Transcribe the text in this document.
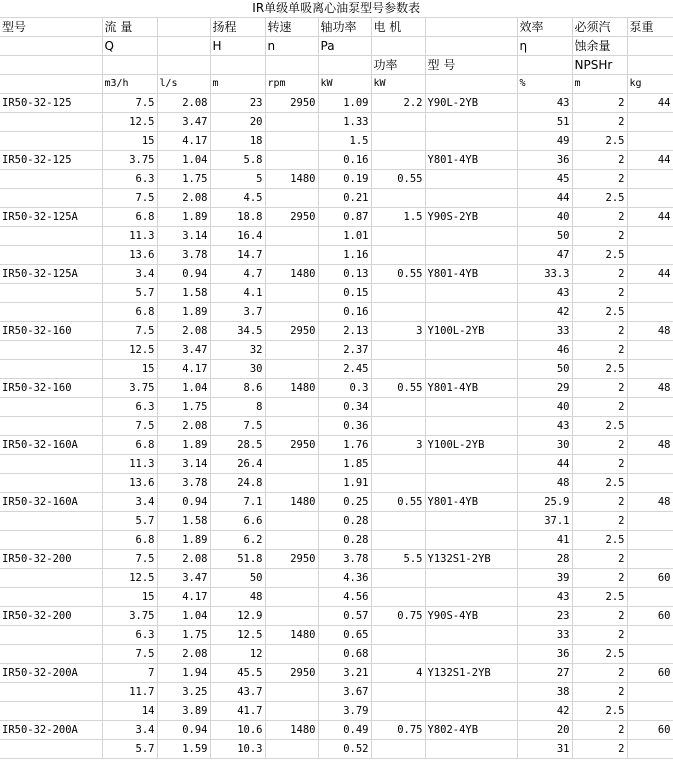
IR单级单吸离心油泵型号参数表										
型号	流 量		扬程	转速	轴功率	电 机		效率	必须汽	泵重
	Q		H	n	Pa			η	蚀余量	
						功率	型 号		NPSHr	
	m3/h	l/s	m	rpm	kW	kW		%	m	kg
IR50-32-125	7.5	2.08	23	2950	1.09	2.2	Y90L-2YB	43	2	44
	12.5	3.47	20		1.33			51	2	
	15	4.17	18		1.5			49	2.5	
IR50-32-125	3.75	1.04	5.8		0.16		Y801-4YB	36	2	44
	6.3	1.75	5	1480	0.19	0.55		45	2	
	7.5	2.08	4.5		0.21			44	2.5	
IR50-32-125A	6.8	1.89	18.8	2950	0.87	1.5	Y90S-2YB	40	2	44
	11.3	3.14	16.4		1.01			50	2	
	13.6	3.78	14.7		1.16			47	2.5	
IR50-32-125A	3.4	0.94	4.7	1480	0.13	0.55	Y801-4YB	33.3	2	44
	5.7	1.58	4.1		0.15			43	2	
	6.8	1.89	3.7		0.16			42	2.5	
IR50-32-160	7.5	2.08	34.5	2950	2.13	3	Y100L-2YB	33	2	48
	12.5	3.47	32		2.37			46	2	
	15	4.17	30		2.45			50	2.5	
IR50-32-160	3.75	1.04	8.6	1480	0.3	0.55	Y801-4YB	29	2	48
	6.3	1.75	8		0.34			40	2	
	7.5	2.08	7.5		0.36			43	2.5	
IR50-32-160A	6.8	1.89	28.5	2950	1.76	3	Y100L-2YB	30	2	48
	11.3	3.14	26.4		1.85			44	2	
	13.6	3.78	24.8		1.91			48	2.5	
IR50-32-160A	3.4	0.94	7.1	1480	0.25	0.55	Y801-4YB	25.9	2	48
	5.7	1.58	6.6		0.28			37.1	2	
	6.8	1.89	6.2		0.28			41	2.5	
IR50-32-200	7.5	2.08	51.8	2950	3.78	5.5	Y132S1-2YB	28	2	
	12.5	3.47	50		4.36			39	2	60
	15	4.17	48		4.56			43	2.5	
IR50-32-200	3.75	1.04	12.9		0.57	0.75	Y90S-4YB	23	2	60
	6.3	1.75	12.5	1480	0.65			33	2	
	7.5	2.08	12		0.68			36	2.5	
IR50-32-200A	7	1.94	45.5	2950	3.21	4	Y132S1-2YB	27	2	60
	11.7	3.25	43.7		3.67			38	2	
	14	3.89	41.7		3.79			42	2.5	
IR50-32-200A	3.4	0.94	10.6	1480	0.49	0.75	Y802-4YB	20	2	60
	5.7	1.59	10.3		0.52			31	2	
